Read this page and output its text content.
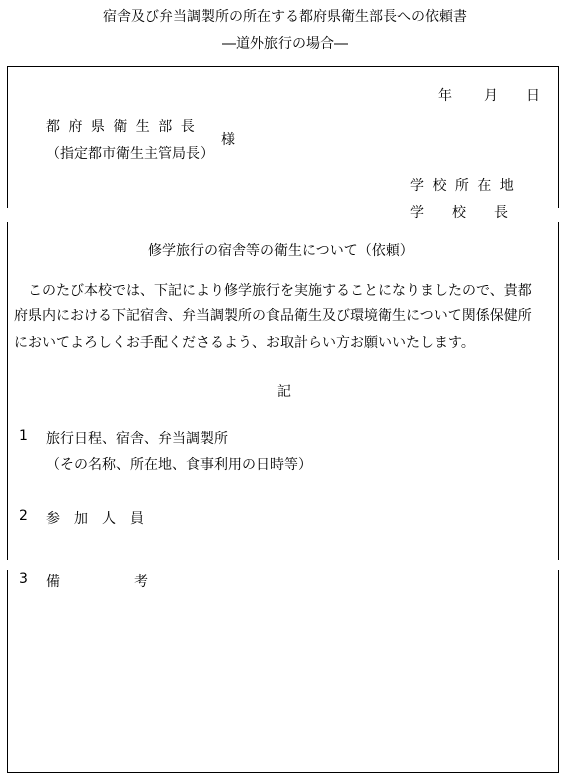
宿舎及び弁当調製所の所在する都府県衛生部長への依頼書
―道外旅行の場合―
年 月 日
都 府 県 衛 生 部 長
様
（指定都市衛生主管局長）
学 校 所 在 地
学　　校　　長
修学旅行の宿舎等の衛生について（依頼）
　このたび本校では、下記により修学旅行を実施することになりましたので、貴都
府県内における下記宿舎、弁当調製所の食品衛生及び環境衛生について関係保健所
においてよろしくお手配くださるよう、お取計らい方お願いいたします。
記
1 旅行日程、宿舎、弁当調製所
（その名称、所在地、食事利用の日時等）
2 参　加　人　員
3 備	考
